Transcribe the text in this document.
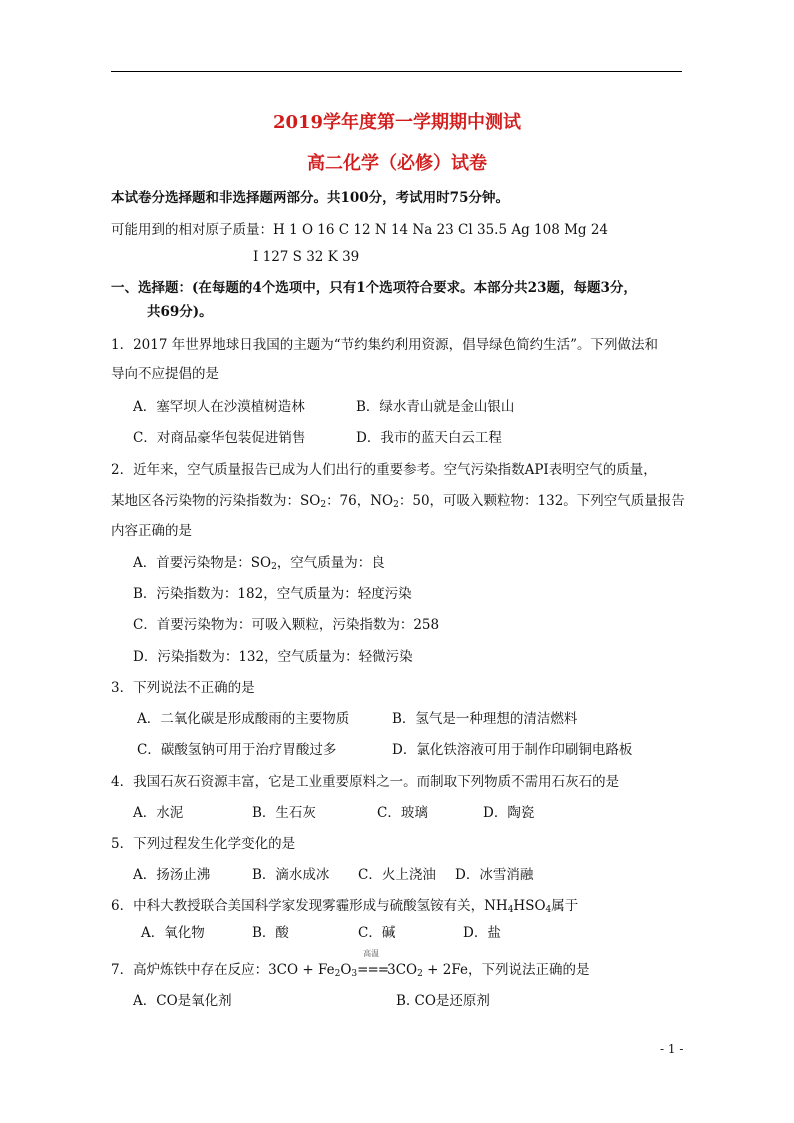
2019学年度第一学期期中测试
高二化学（必修）试卷
本试卷分选择题和非选择题两部分。共100分，考试用时75分钟。
可能用到的相对原子质量：H 1 O 16 C 12 N 14 Na 23 Cl 35.5 Ag 108 Mg 24
I 127 S 32 K 39
一、选择题：(在每题的4个选项中，只有1个选项符合要求。本部分共23题，每题3分，
共69分)。
1．2017 年世界地球日我国的主题为“节约集约利用资源，倡导绿色简约生活”。下列做法和
导向不应提倡的是
A．塞罕坝人在沙漠植树造林	B．绿水青山就是金山银山
C．对商品豪华包装促进销售	D．我市的蓝天白云工程
2．近年来，空气质量报告已成为人们出行的重要参考。空气污染指数API表明空气的质量，
某地区各污染物的污染指数为：$SO_2$：76，$NO_2$：50，可吸入颗粒物：132。下列空气质量报告
内容正确的是
A．首要污染物是：$SO_2$，空气质量为：良
B．污染指数为：182，空气质量为：轻度污染
C．首要污染物为：可吸入颗粒，污染指数为：258
D．污染指数为：132，空气质量为：轻微污染
3．下列说法不正确的是
A．二氧化碳是形成酸雨的主要物质	B．氢气是一种理想的清洁燃料
C．碳酸氢钠可用于治疗胃酸过多	D．氯化铁溶液可用于制作印刷铜电路板
4．我国石灰石资源丰富，它是工业重要原料之一。而制取下列物质不需用石灰石的是
A．水泥	B．生石灰	C．玻璃	D．陶瓷
5．下列过程发生化学变化的是
A．扬汤止沸	B．滴水成冰 C．火上浇油 D．冰雪消融
6．中科大教授联合美国科学家发现雾霾形成与硫酸氢铵有关，$NH_4HSO_4$属于
A．氧化物	B．酸	C．碱	D．盐
7．高炉炼铁中存在反应：$3CO + Fe_2O_3$
高温
$===3CO_2 + 2Fe$，下列说法正确的是
A．CO是氧化剂	B. CO是还原剂
- 1 -
